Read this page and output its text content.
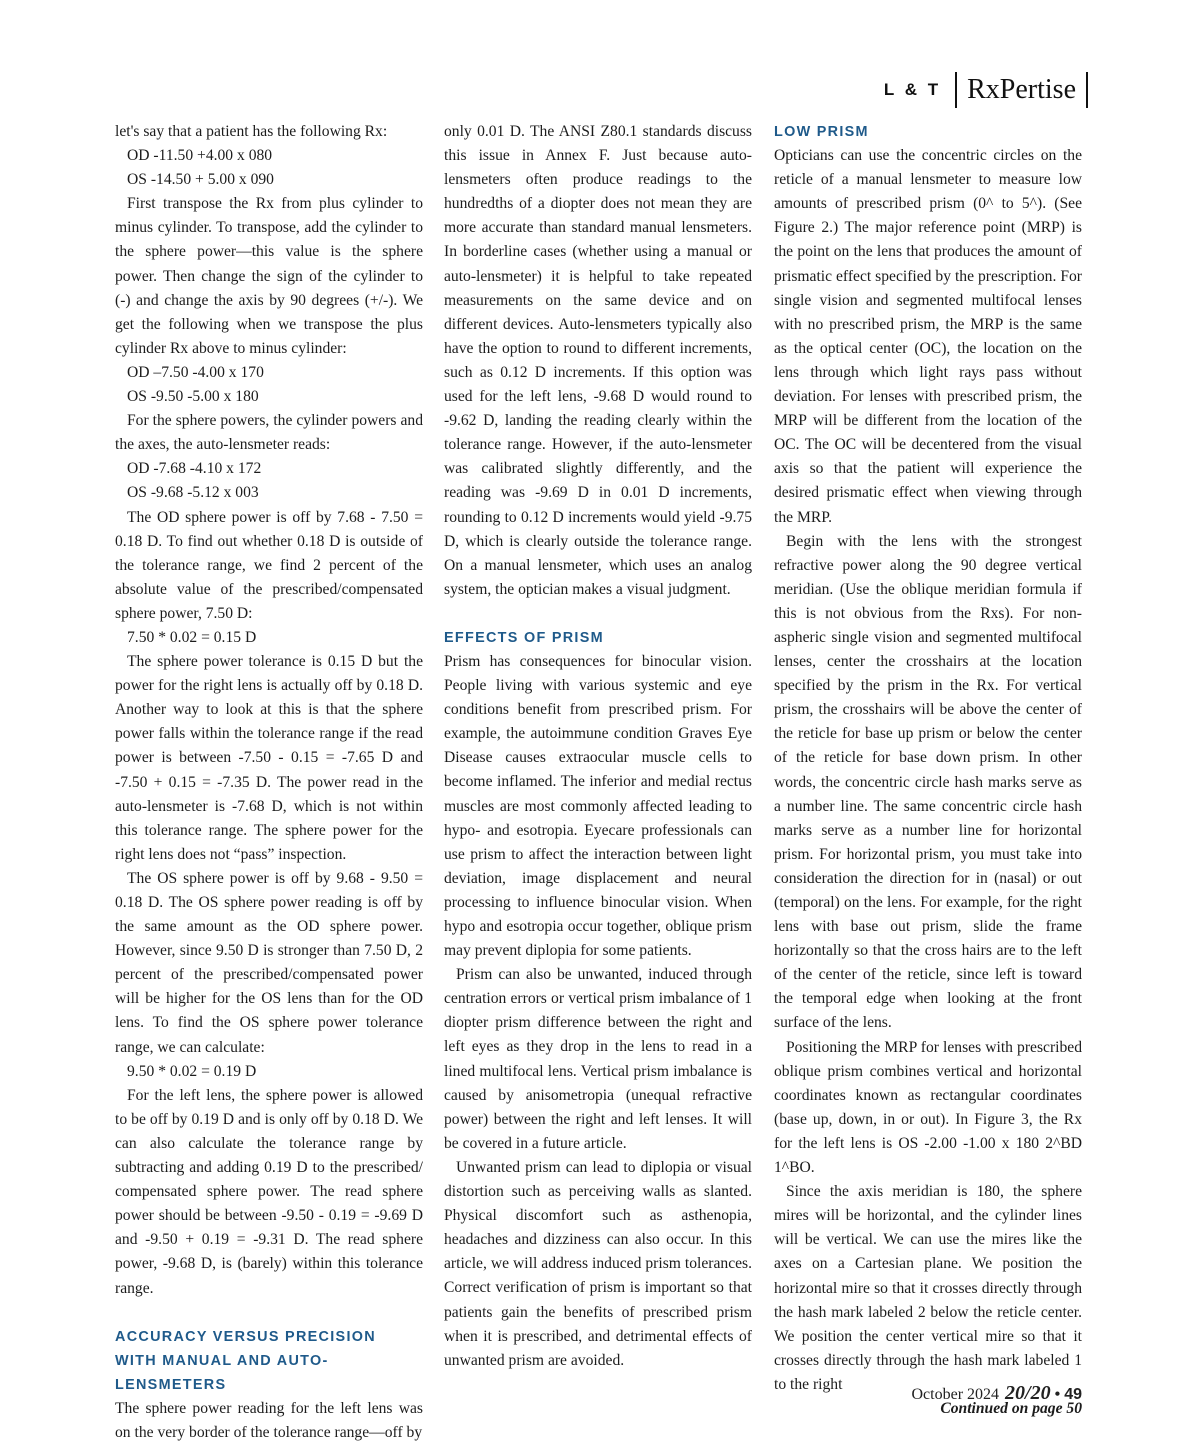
L & T RxPertise

let's say that a patient has the following Rx:

OD -11.50 +4.00 x 080

OS -14.50 + 5.00 x 090

First transpose the Rx from plus cylinder to minus cylinder. To transpose, add the cylinder to the sphere power—this value is the sphere power. Then change the sign of the cylinder to (-) and change the axis by 90 degrees (+/-). We get the following when we transpose the plus cylinder Rx above to minus cylinder:

OD –7.50 -4.00 x 170

OS -9.50 -5.00 x 180

For the sphere powers, the cylinder powers and the axes, the auto-lensmeter reads:

OD -7.68 -4.10 x 172

OS -9.68 -5.12 x 003

The OD sphere power is off by 7.68 - 7.50 = 0.18 D. To find out whether 0.18 D is outside of the tolerance range, we find 2 percent of the absolute value of the prescribed/compensated sphere power, 7.50 D:

7.50 * 0.02 = 0.15 D

The sphere power tolerance is 0.15 D but the power for the right lens is actually off by 0.18 D. Another way to look at this is that the sphere power falls within the tolerance range if the read power is between -7.50 - 0.15 = -7.65 D and -7.50 + 0.15 = -7.35 D. The power read in the auto-lensmeter is -7.68 D, which is not within this tolerance range. The sphere power for the right lens does not “pass” inspection.

The OS sphere power is off by 9.68 - 9.50 = 0.18 D. The OS sphere power reading is off by the same amount as the OD sphere power. However, since 9.50 D is stronger than 7.50 D, 2 percent of the prescribed/compensated power will be higher for the OS lens than for the OD lens. To find the OS sphere power tolerance range, we can calculate:

9.50 * 0.02 = 0.19 D

For the left lens, the sphere power is allowed to be off by 0.19 D and is only off by 0.18 D. We can also calculate the tolerance range by subtracting and adding 0.19 D to the prescribed/ compensated sphere power. The read sphere power should be between -9.50 - 0.19 = -9.69 D and -9.50 + 0.19 = -9.31 D. The read sphere power, -9.68 D, is (barely) within this tolerance range.

ACCURACY VERSUS PRECISION WITH MANUAL AND AUTO-LENSMETERS

The sphere power reading for the left lens was on the very border of the tolerance range—off by

only 0.01 D. The ANSI Z80.1 standards discuss this issue in Annex F. Just because auto-lensmeters often produce readings to the hundredths of a diopter does not mean they are more accurate than standard manual lensmeters. In borderline cases (whether using a manual or auto-lensmeter) it is helpful to take repeated measurements on the same device and on different devices. Auto-lensmeters typically also have the option to round to different increments, such as 0.12 D increments. If this option was used for the left lens, -9.68 D would round to -9.62 D, landing the reading clearly within the tolerance range. However, if the auto-lensmeter was calibrated slightly differently, and the reading was -9.69 D in 0.01 D increments, rounding to 0.12 D increments would yield -9.75 D, which is clearly outside the tolerance range. On a manual lensmeter, which uses an analog system, the optician makes a visual judgment.

EFFECTS OF PRISM

Prism has consequences for binocular vision. People living with various systemic and eye conditions benefit from prescribed prism. For example, the autoimmune condition Graves Eye Disease causes extraocular muscle cells to become inflamed. The inferior and medial rectus muscles are most commonly affected leading to hypo- and esotropia. Eyecare professionals can use prism to affect the interaction between light deviation, image displacement and neural processing to influence binocular vision. When hypo and esotropia occur together, oblique prism may prevent diplopia for some patients.

Prism can also be unwanted, induced through centration errors or vertical prism imbalance of 1 diopter prism difference between the right and left eyes as they drop in the lens to read in a lined multifocal lens. Vertical prism imbalance is caused by anisometropia (unequal refractive power) between the right and left lenses. It will be covered in a future article.

Unwanted prism can lead to diplopia or visual distortion such as perceiving walls as slanted. Physical discomfort such as asthenopia, headaches and dizziness can also occur. In this article, we will address induced prism tolerances. Correct verification of prism is important so that patients gain the benefits of prescribed prism when it is prescribed, and detrimental effects of unwanted prism are avoided.

LOW PRISM

Opticians can use the concentric circles on the reticle of a manual lensmeter to measure low amounts of prescribed prism (0^ to 5^). (See Figure 2.) The major reference point (MRP) is the point on the lens that produces the amount of prismatic effect specified by the prescription. For single vision and segmented multifocal lenses with no prescribed prism, the MRP is the same as the optical center (OC), the location on the lens through which light rays pass without deviation. For lenses with prescribed prism, the MRP will be different from the location of the OC. The OC will be decentered from the visual axis so that the patient will experience the desired prismatic effect when viewing through the MRP.

Begin with the lens with the strongest refractive power along the 90 degree vertical meridian. (Use the oblique meridian formula if this is not obvious from the Rxs). For non-aspheric single vision and segmented multifocal lenses, center the crosshairs at the location specified by the prism in the Rx. For vertical prism, the crosshairs will be above the center of the reticle for base up prism or below the center of the reticle for base down prism. In other words, the concentric circle hash marks serve as a number line. The same concentric circle hash marks serve as a number line for horizontal prism. For horizontal prism, you must take into consideration the direction for in (nasal) or out (temporal) on the lens. For example, for the right lens with base out prism, slide the frame horizontally so that the cross hairs are to the left of the center of the reticle, since left is toward the temporal edge when looking at the front surface of the lens.

Positioning the MRP for lenses with prescribed oblique prism combines vertical and horizontal coordinates known as rectangular coordinates (base up, down, in or out). In Figure 3, the Rx for the left lens is OS -2.00 -1.00 x 180 2^BD 1^BO.

Since the axis meridian is 180, the sphere mires will be horizontal, and the cylinder lines will be vertical. We can use the mires like the axes on a Cartesian plane. We position the horizontal mire so that it crosses directly through the hash mark labeled 2 below the reticle center. We position the center vertical mire so that it crosses directly through the hash mark labeled 1 to the right

Continued on page 50

October 2024 20/20 • 49
